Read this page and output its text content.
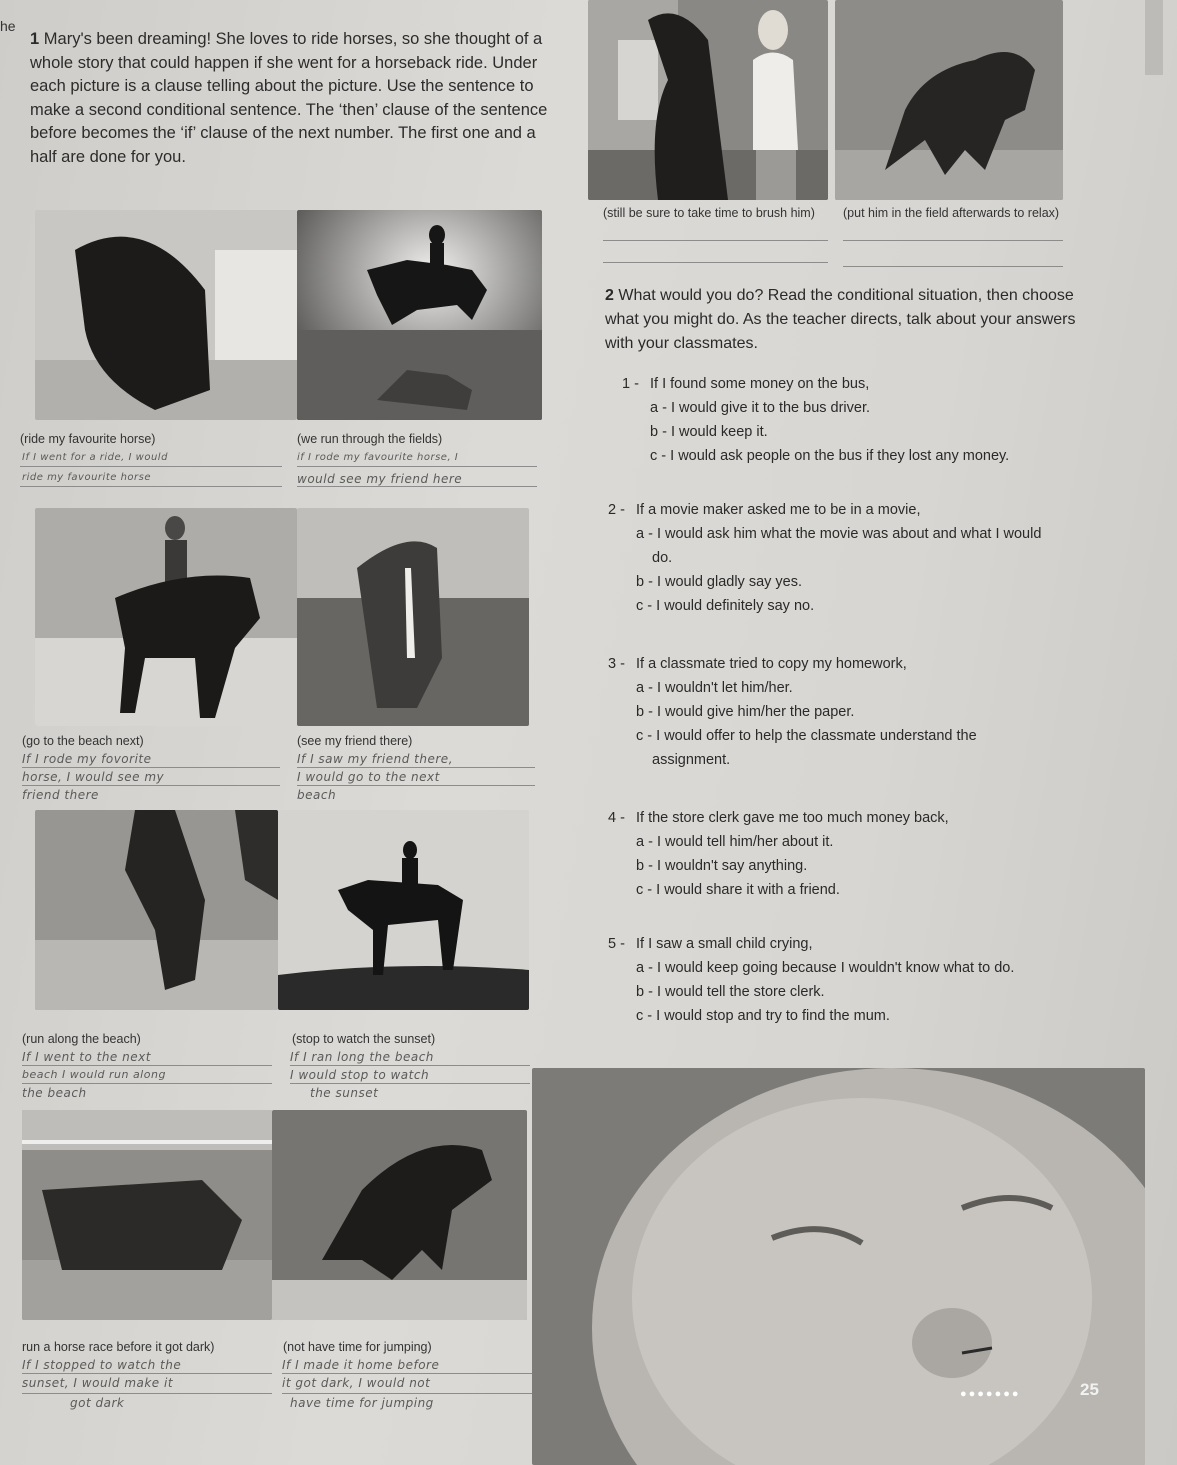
he
1 Mary's been dreaming! She loves to ride horses, so she thought of a whole story that could happen if she went for a horseback ride. Under each picture is a clause telling about the picture. Use the sentence to make a second conditional sentence. The ‘then’ clause of the sentence before becomes the ‘if’ clause of the next number. The first one and a half are done for you.
(still be sure to take time to brush him) (put him in the field afterwards to relax)
●●●●●●●	25
(ride my favourite horse)
If I went for a ride, I would
ride my favourite horse
(we run through the fields)
if I rode my favourite horse, I
would see my friend here
(go to the beach next)
If I rode my fovorite
horse, I would see my
friend there
(see my friend there)
If I saw my friend there,
I would go to the next
beach
(run along the beach)
If I went to the next
beach I would run along
the beach
(stop to watch the sunset)
If I ran long the beach
I would stop to watch
the sunset
run a horse race before it got dark)
If I stopped to watch the
sunset, I would make it
got dark
(not have time for jumping)
If I made it home before
it got dark, I would not
have time for jumping
2 What would you do? Read the conditional situation, then choose what you might do. As the teacher directs, talk about your answers with your classmates.
1 - If I found some money on the bus,
a - I would give it to the bus driver.
b - I would keep it.
c - I would ask people on the bus if they lost any money.
2 - If a movie maker asked me to be in a movie,
a - I would ask him what the movie was about and what I would do.
b - I would gladly say yes.
c - I would definitely say no.
3 - If a classmate tried to copy my homework,
a - I wouldn't let him/her.
b - I would give him/her the paper.
c - I would offer to help the classmate understand the assignment.
4 - If the store clerk gave me too much money back,
a - I would tell him/her about it.
b - I wouldn't say anything.
c - I would share it with a friend.
5 - If I saw a small child crying,
a - I would keep going because I wouldn't know what to do.
b - I would tell the store clerk.
c - I would stop and try to find the mum.
